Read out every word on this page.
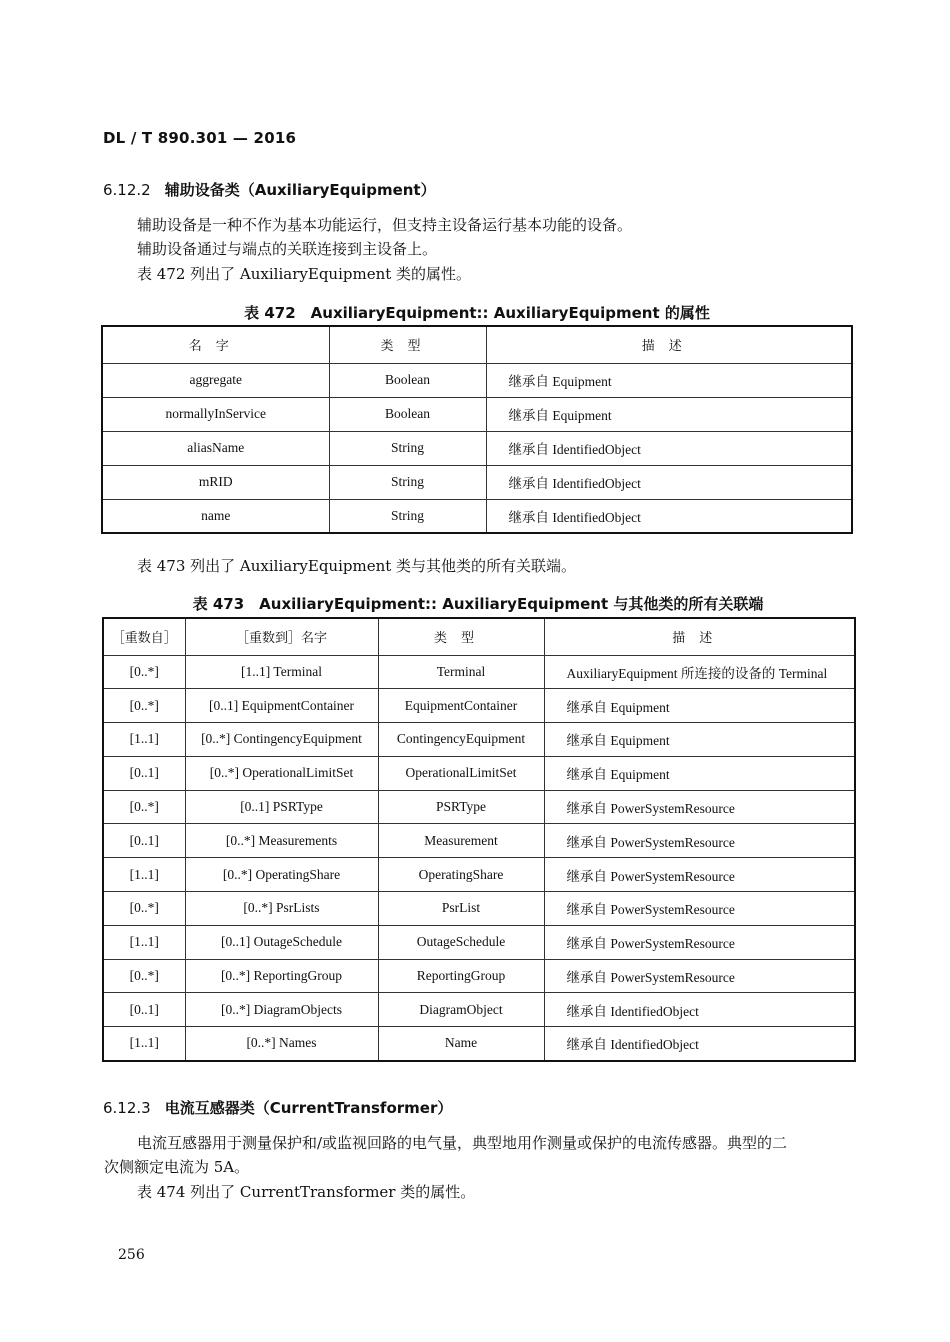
DL / T 890.301 — 2016
6.12.2 辅助设备类（AuxiliaryEquipment）
辅助设备是一种不作为基本功能运行，但支持主设备运行基本功能的设备。
辅助设备通过与端点的关联连接到主设备上。
表 472 列出了 AuxiliaryEquipment 类的属性。
表 472　AuxiliaryEquipment:: AuxiliaryEquipment 的属性
名字	类型	描述
aggregate	Boolean	继承自 Equipment
normallyInService	Boolean	继承自 Equipment
aliasName	String	继承自 IdentifiedObject
mRID	String	继承自 IdentifiedObject
name	String	继承自 IdentifiedObject
表 473 列出了 AuxiliaryEquipment 类与其他类的所有关联端。
表 473　AuxiliaryEquipment:: AuxiliaryEquipment 与其他类的所有关联端
［重数自］	［重数到］名字	类型	描述
[0..*]	[1..1] Terminal	Terminal	AuxiliaryEquipment 所连接的设备的 Terminal
[0..*]	[0..1] EquipmentContainer	EquipmentContainer	继承自 Equipment
[1..1]	[0..*] ContingencyEquipment	ContingencyEquipment	继承自 Equipment
[0..1]	[0..*] OperationalLimitSet	OperationalLimitSet	继承自 Equipment
[0..*]	[0..1] PSRType	PSRType	继承自 PowerSystemResource
[0..1]	[0..*] Measurements	Measurement	继承自 PowerSystemResource
[1..1]	[0..*] OperatingShare	OperatingShare	继承自 PowerSystemResource
[0..*]	[0..*] PsrLists	PsrList	继承自 PowerSystemResource
[1..1]	[0..1] OutageSchedule	OutageSchedule	继承自 PowerSystemResource
[0..*]	[0..*] ReportingGroup	ReportingGroup	继承自 PowerSystemResource
[0..1]	[0..*] DiagramObjects	DiagramObject	继承自 IdentifiedObject
[1..1]	[0..*] Names	Name	继承自 IdentifiedObject
6.12.3 电流互感器类（CurrentTransformer）
电流互感器用于测量保护和/或监视回路的电气量，典型地用作测量或保护的电流传感器。典型的二
次侧额定电流为 5A。
表 474 列出了 CurrentTransformer 类的属性。
256
